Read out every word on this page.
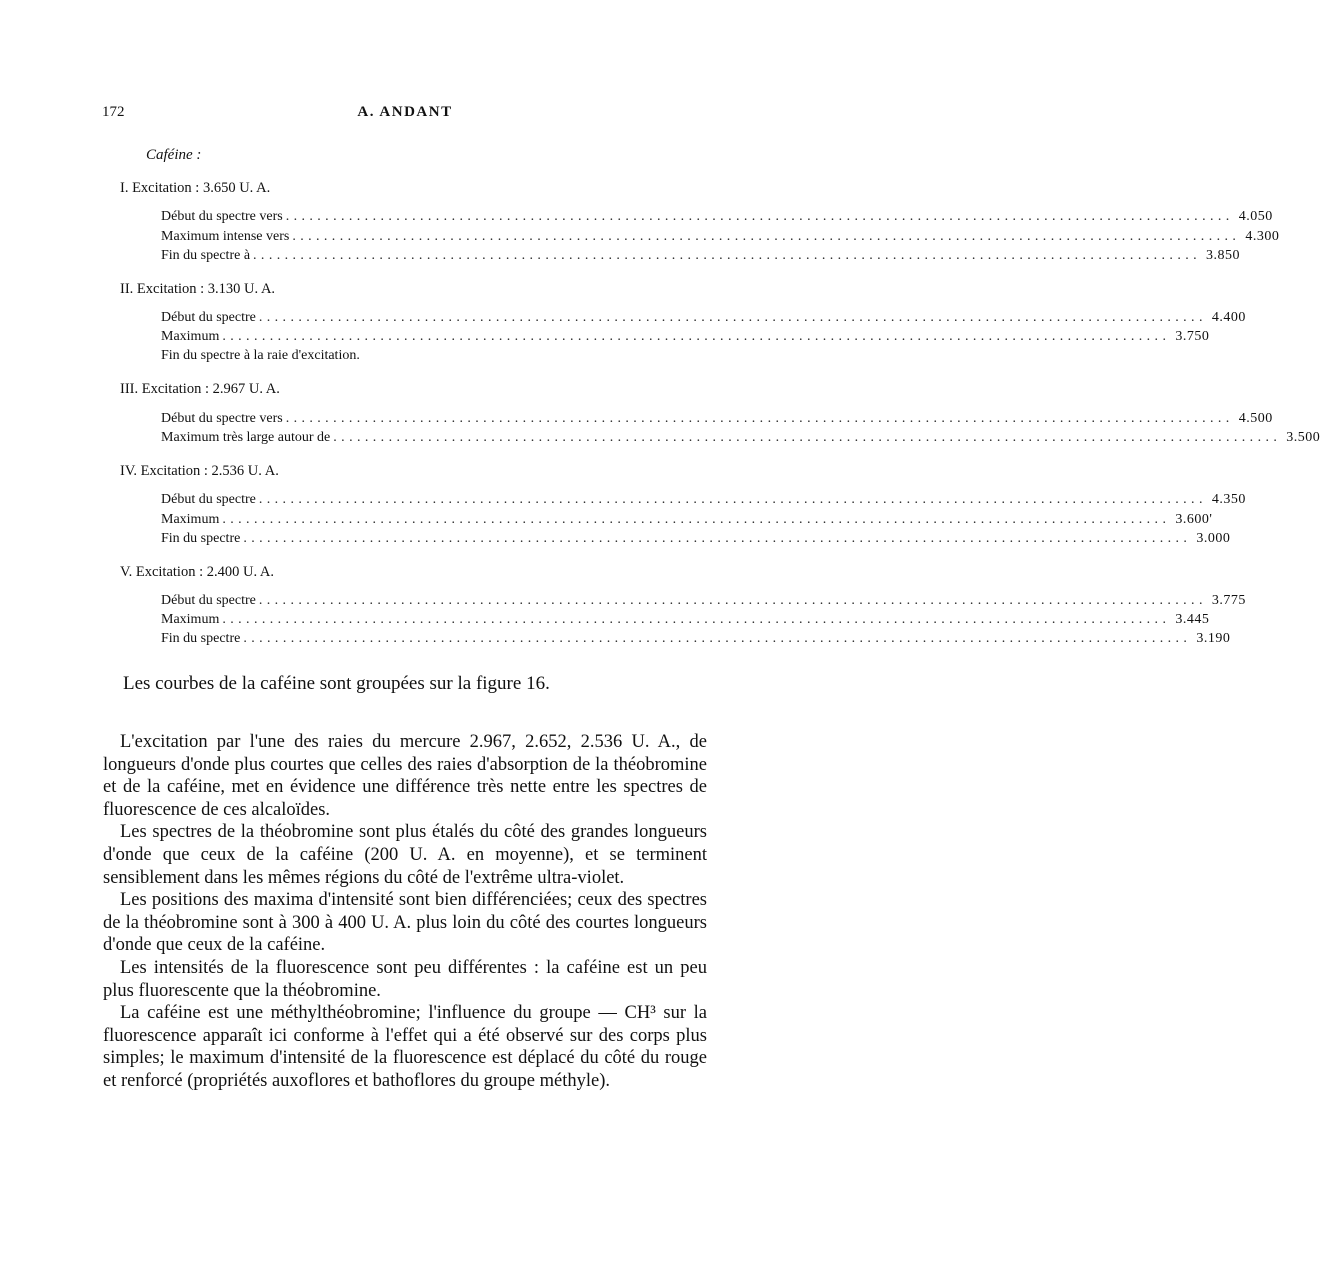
172	A. ANDANT
Caféine :
I. Excitation : 3.650 U. A.
Début du spectre vers ........................................................................................................................ 4.050
Maximum intense vers ........................................................................................................................ 4.300
Fin du spectre à ........................................................................................................................ 3.850
II. Excitation : 3.130 U. A.
Début du spectre ........................................................................................................................ 4.400
Maximum ........................................................................................................................ 3.750
Fin du spectre à la raie d'excitation.
III. Excitation : 2.967 U. A.
Début du spectre vers ........................................................................................................................ 4.500
Maximum très large autour de ........................................................................................................................ 3.500
IV. Excitation : 2.536 U. A.
Début du spectre ........................................................................................................................ 4.350
Maximum ........................................................................................................................ 3.600'
Fin du spectre ........................................................................................................................ 3.000
V. Excitation : 2.400 U. A.
Début du spectre ........................................................................................................................ 3.775
Maximum ........................................................................................................................ 3.445
Fin du spectre ........................................................................................................................ 3.190
Les courbes de la caféine sont groupées sur la figure 16.

L'excitation par l'une des raies du mercure 2.967, 2.652, 2.536 U. A., de longueurs d'onde plus courtes que celles des raies d'absorption de la théobromine et de la caféine, met en évidence une différence très nette entre les spectres de fluorescence de ces alcaloïdes.

Les spectres de la théobromine sont plus étalés du côté des grandes longueurs d'onde que ceux de la caféine (200 U. A. en moyenne), et se terminent sensiblement dans les mêmes régions du côté de l'extrême ultra-violet.

Les positions des maxima d'intensité sont bien différenciées; ceux des spectres de la théobromine sont à 300 à 400 U. A. plus loin du côté des courtes longueurs d'onde que ceux de la caféine.

Les intensités de la fluorescence sont peu différentes : la caféine est un peu plus fluorescente que la théobromine.

La caféine est une méthylthéobromine; l'influence du groupe — CH³ sur la fluorescence apparaît ici conforme à l'effet qui a été observé sur des corps plus simples; le maximum d'intensité de la fluorescence est déplacé du côté du rouge et renforcé (propriétés auxoflores et bathoflores du groupe méthyle).
